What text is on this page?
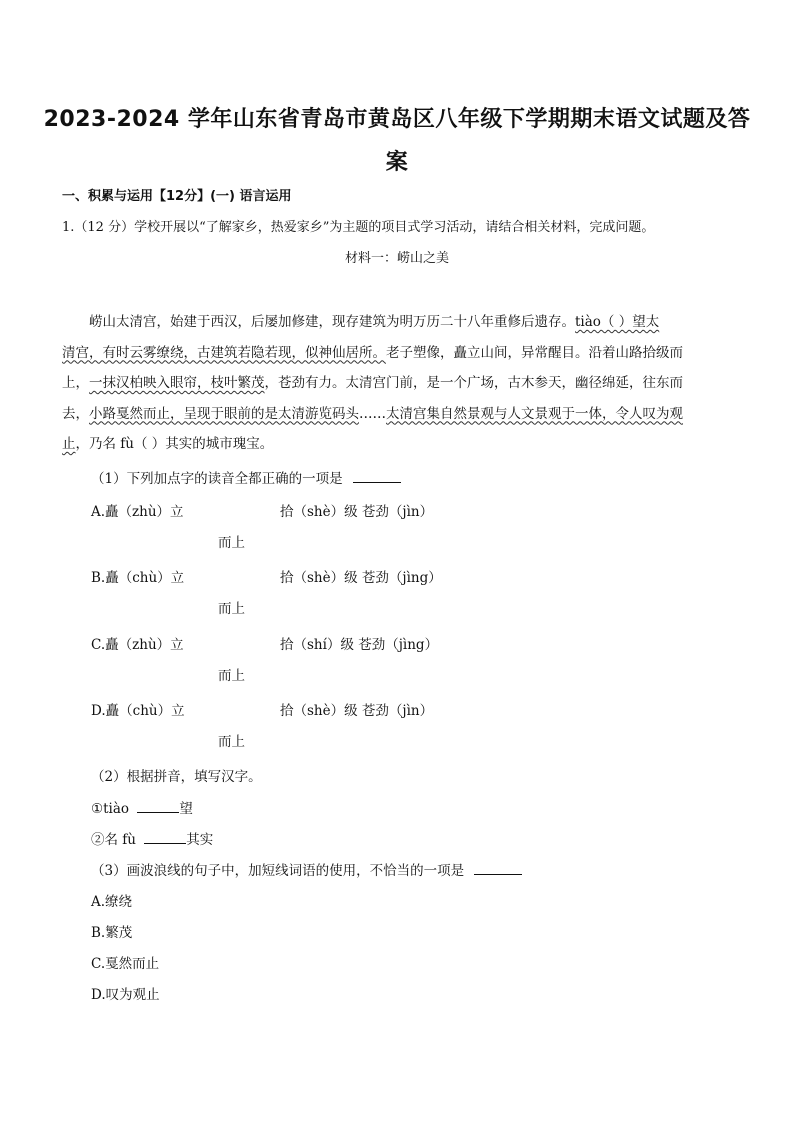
2023-2024 学年山东省青岛市黄岛区八年级下学期期末语文试题及答
案
一、积累与运用【12分】(一) 语言运用
1.（12 分）学校开展以“了解家乡，热爱家乡”为主题的项目式学习活动，请结合相关材料，完成问题。
材料一：崂山之美

崂山太清宫，始建于西汉，后屡加修建，现存建筑为明万历二十八年重修后遗存。tiào（ ）望太

清宫，有时云雾缭绕，古建筑若隐若现，似神仙居所。老子塑像，矗立山间，异常醒目。沿着山路拾级而

上，一抹汉柏映入眼帘，枝叶繁茂，苍劲有力。太清宫门前，是一个广场，古木参天，幽径绵延，往东而

去，小路戛然而止，呈现于眼前的是太清游览码头……太清宫集自然景观与人文景观于一体，令人叹为观

止，乃名 fù（ ）其实的城市瑰宝。

（1）下列加点字的读音全都正确的一项是
A.矗（zhù）立	拾（shè）级 苍劲（jìn）
而上
B.矗（chù）立	拾（shè）级 苍劲（jìng）
而上
C.矗（zhù）立	拾（shí）级 苍劲（jìng）
而上
D.矗（chù）立	拾（shè）级 苍劲（jìn）
而上
（2）根据拼音，填写汉字。
①tiào	望
②名 fù	其实
（3）画波浪线的句子中，加短线词语的使用，不恰当的一项是
A.缭绕
B.繁茂
C.戛然而止
D.叹为观止
